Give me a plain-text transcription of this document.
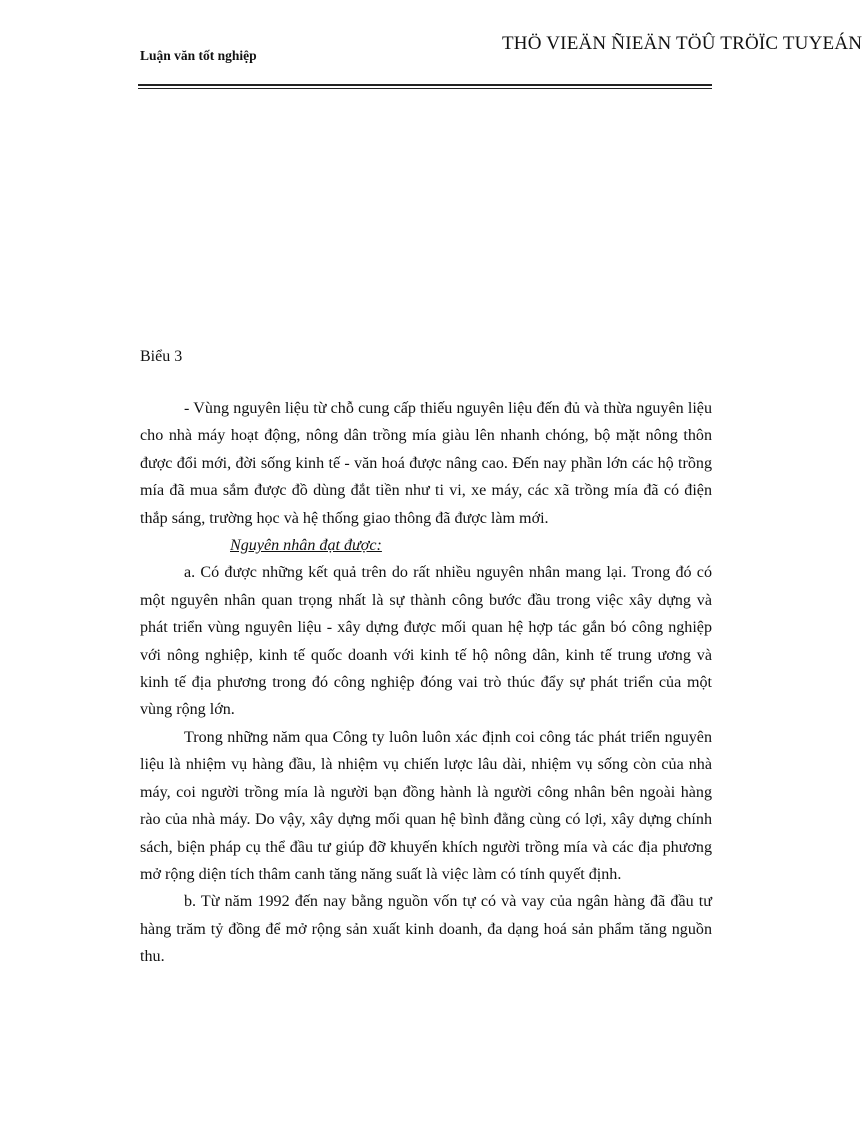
Luận văn tốt nghiệp
THÖ VIEÄN ÑIEÄN TÖÛ TRÖÏC TUYEÁN
Biểu 3

- Vùng nguyên liệu từ chỗ cung cấp thiếu nguyên liệu đến đủ và thừa nguyên liệu cho nhà máy hoạt động, nông dân trồng mía giàu lên nhanh chóng, bộ mặt nông thôn được đổi mới, đời sống kinh tế - văn hoá được nâng cao. Đến nay phần lớn các hộ trồng mía đã mua sắm được đồ dùng đắt tiền như ti vi, xe máy, các xã trồng mía đã có điện thắp sáng, trường học và hệ thống giao thông đã được làm mới.

Nguyên nhân đạt được:

a. Có được những kết quả trên do rất nhiều nguyên nhân mang lại. Trong đó có một nguyên nhân quan trọng nhất là sự thành công bước đầu trong việc xây dựng và phát triển vùng nguyên liệu - xây dựng được mối quan hệ hợp tác gắn bó công nghiệp với nông nghiệp, kinh tế quốc doanh với kinh tế hộ nông dân, kinh tế trung ương và kinh tế địa phương trong đó công nghiệp đóng vai trò thúc đẩy sự phát triển của một vùng rộng lớn.

Trong những năm qua Công ty luôn luôn xác định coi công tác phát triển nguyên liệu là nhiệm vụ hàng đầu, là nhiệm vụ chiến lược lâu dài, nhiệm vụ sống còn của nhà máy, coi người trồng mía là người bạn đồng hành là người công nhân bên ngoài hàng rào của nhà máy. Do vậy, xây dựng mối quan hệ bình đẳng cùng có lợi, xây dựng chính sách, biện pháp cụ thể đầu tư giúp đỡ khuyến khích người trồng mía và các địa phương mở rộng diện tích thâm canh tăng năng suất là việc làm có tính quyết định.

b. Từ năm 1992 đến nay bằng nguồn vốn tự có và vay của ngân hàng đã đầu tư hàng trăm tỷ đồng để mở rộng sản xuất kinh doanh, đa dạng hoá sản phẩm tăng nguồn thu.
